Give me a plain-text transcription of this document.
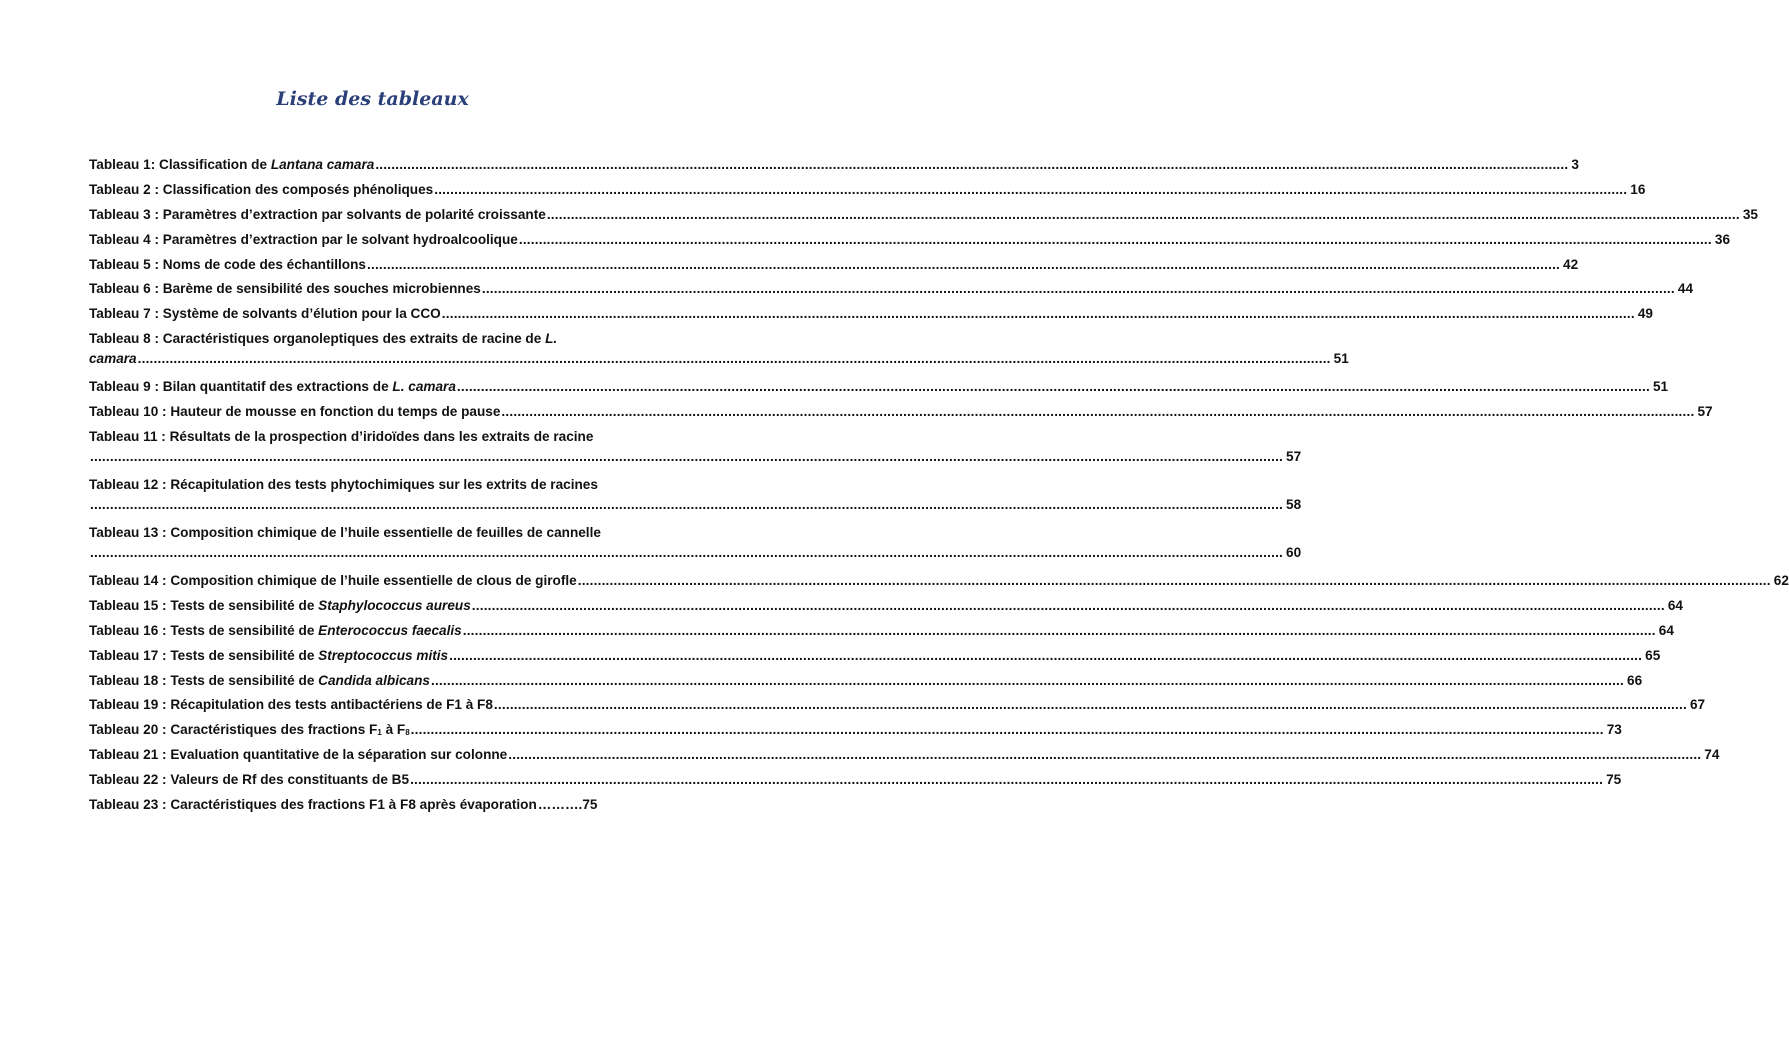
Liste des tableaux
Tableau 1: Classification de Lantana camara ............................................................................................................................................................................................................................................................................................................ 3
Tableau 2 : Classification des composés phénoliques ............................................................................................................................................................................................................................................................................................................ 16
Tableau 3 : Paramètres d’extraction par solvants de polarité croissante ............................................................................................................................................................................................................................................................................................................ 35
Tableau 4 : Paramètres d’extraction par le solvant hydroalcoolique ............................................................................................................................................................................................................................................................................................................ 36
Tableau 5 : Noms de code des échantillons ............................................................................................................................................................................................................................................................................................................ 42
Tableau 6 : Barème de sensibilité des souches microbiennes ............................................................................................................................................................................................................................................................................................................ 44
Tableau 7 : Système de solvants d’élution pour la CCO ............................................................................................................................................................................................................................................................................................................ 49
Tableau 8 : Caractéristiques organoleptiques des extraits de racine de L.
camara ............................................................................................................................................................................................................................................................................................................ 51
Tableau 9 : Bilan quantitatif des extractions de L. camara ............................................................................................................................................................................................................................................................................................................ 51
Tableau 10 : Hauteur de mousse en fonction du temps de pause ............................................................................................................................................................................................................................................................................................................ 57
Tableau 11 : Résultats de la prospection d’iridoïdes dans les extraits de racine
............................................................................................................................................................................................................................................................................................................ 57
Tableau 12 : Récapitulation des tests phytochimiques sur les extrits de racines
............................................................................................................................................................................................................................................................................................................ 58
Tableau 13 : Composition chimique de l’huile essentielle de feuilles de cannelle
............................................................................................................................................................................................................................................................................................................ 60
Tableau 14 : Composition chimique de l’huile essentielle de clous de girofle ............................................................................................................................................................................................................................................................................................................ 62
Tableau 15 : Tests de sensibilité de Staphylococcus aureus ............................................................................................................................................................................................................................................................................................................ 64
Tableau 16 : Tests de sensibilité de Enterococcus faecalis ............................................................................................................................................................................................................................................................................................................ 64
Tableau 17 : Tests de sensibilité de Streptococcus mitis ............................................................................................................................................................................................................................................................................................................ 65
Tableau 18 : Tests de sensibilité de Candida albicans ............................................................................................................................................................................................................................................................................................................ 66
Tableau 19 : Récapitulation des tests antibactériens de F1 à F8 ............................................................................................................................................................................................................................................................................................................ 67
Tableau 20 : Caractéristiques des fractions $F_1$ à $F_8$ ............................................................................................................................................................................................................................................................................................................ 73
Tableau 21 : Evaluation quantitative de la séparation sur colonne ............................................................................................................................................................................................................................................................................................................ 74
Tableau 22 : Valeurs de Rf des constituants de B5 ............................................................................................................................................................................................................................................................................................................ 75
Tableau 23 : Caractéristiques des fractions F1 à F8 après évaporation ………. 75
